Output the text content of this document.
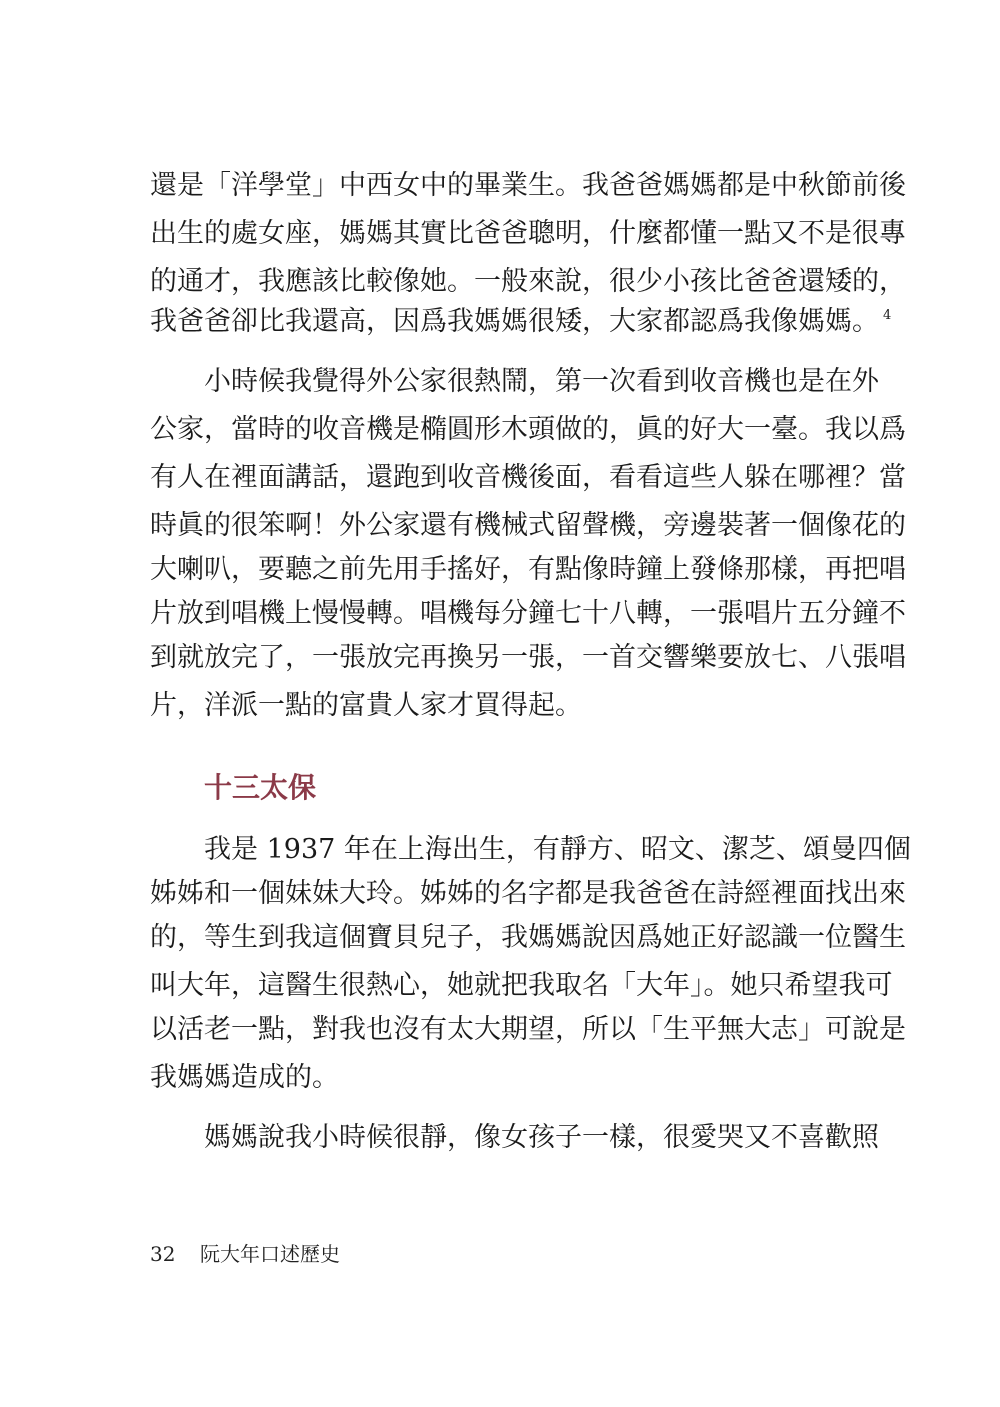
還是「洋學堂」中西女中的畢業生。我爸爸媽媽都是中秋節前後
出生的處女座，媽媽其實比爸爸聰明，什麼都懂一點又不是很專
的通才，我應該比較像她。一般來說，很少小孩比爸爸還矮的，
我爸爸卻比我還高，因爲我媽媽很矮，大家都認爲我像媽媽。 $^4$
小時候我覺得外公家很熱鬧，第一次看到收音機也是在外
公家，當時的收音機是橢圓形木頭做的，眞的好大一臺。我以爲
有人在裡面講話，還跑到收音機後面，看看這些人躲在哪裡？當
時眞的很笨啊！外公家還有機械式留聲機，旁邊裝著一個像花的
大喇叭，要聽之前先用手搖好，有點像時鐘上發條那樣，再把唱
片放到唱機上慢慢轉。唱機每分鐘七十八轉，一張唱片五分鐘不
到就放完了，一張放完再換另一張，一首交響樂要放七、八張唱
片，洋派一點的富貴人家才買得起。
十三太保
我是 1937 年在上海出生，有靜方、昭文、潔芝、頌曼四個
姊姊和一個妹妹大玲。姊姊的名字都是我爸爸在詩經裡面找出來
的，等生到我這個寶貝兒子，我媽媽說因爲她正好認識一位醫生
叫大年，這醫生很熱心，她就把我取名「大年」。她只希望我可
以活老一點，對我也沒有太大期望，所以「生平無大志」可說是
我媽媽造成的。
媽媽說我小時候很靜，像女孩子一樣，很愛哭又不喜歡照
32 阮大年口述歷史
